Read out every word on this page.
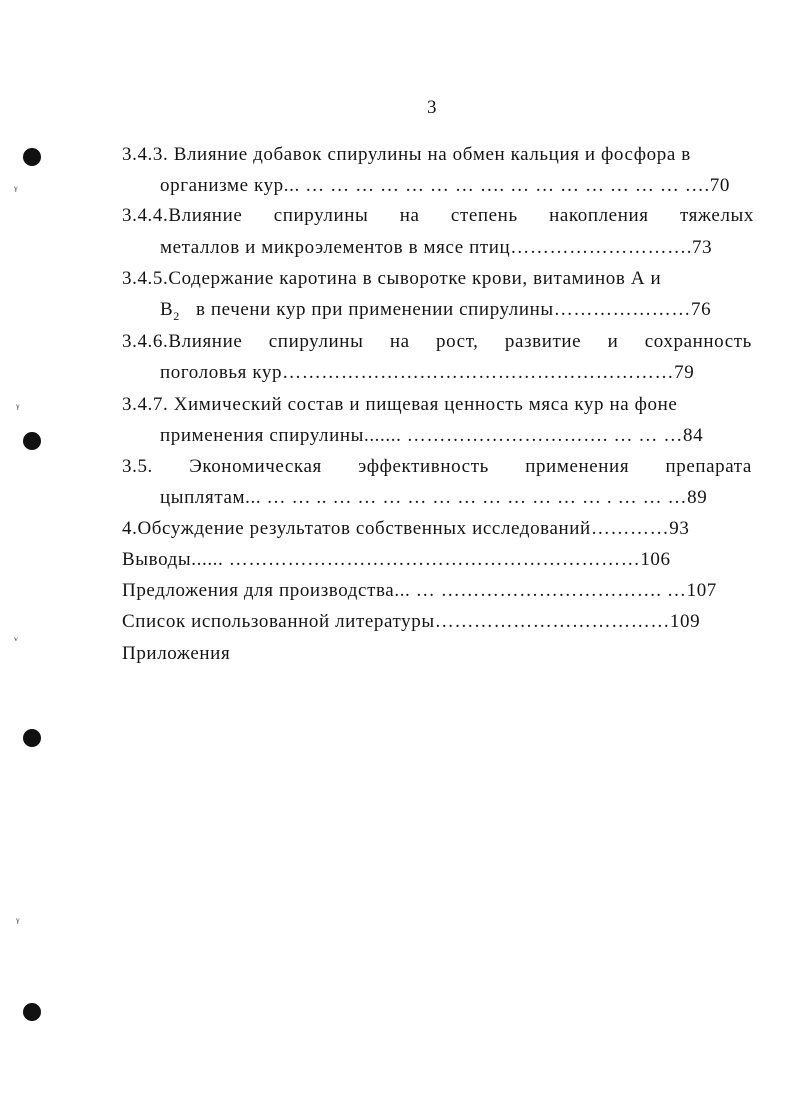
3
ᵞ
ᵞ
ᵥ
ᵞ
3.4.3. Влияние добавок спирулины на обмен кальция и фосфора в
организме кур... … … … … … … … …. … … … … … … … ….70
3.4.4.Влияние спирулины на степень накопления тяжелых
металлов и микроэлементов в мясе птиц……………………….73
3.4.5.Содержание каротина в сыворотке крови, витаминов А и
$B_2$ в печени кур при применении спирулины…………………76
3.4.6.Влияние спирулины на рост, развитие и сохранность
поголовья кур……………………………………………………79
3.4.7. Химический состав и пищевая ценность мяса кур на фоне
применения спирулины....... …………………………. … … …84
3.5. Экономическая эффективность применения препарата
цыплятам... … … .. … … … … … … … … … … … . … … …89
4.Обсуждение результатов собственных исследований…………93
Выводы...... ………………………………………………………106
Предложения для производства... … ……………………………. …107
Список использованной литературы………………………………109
Приложения
